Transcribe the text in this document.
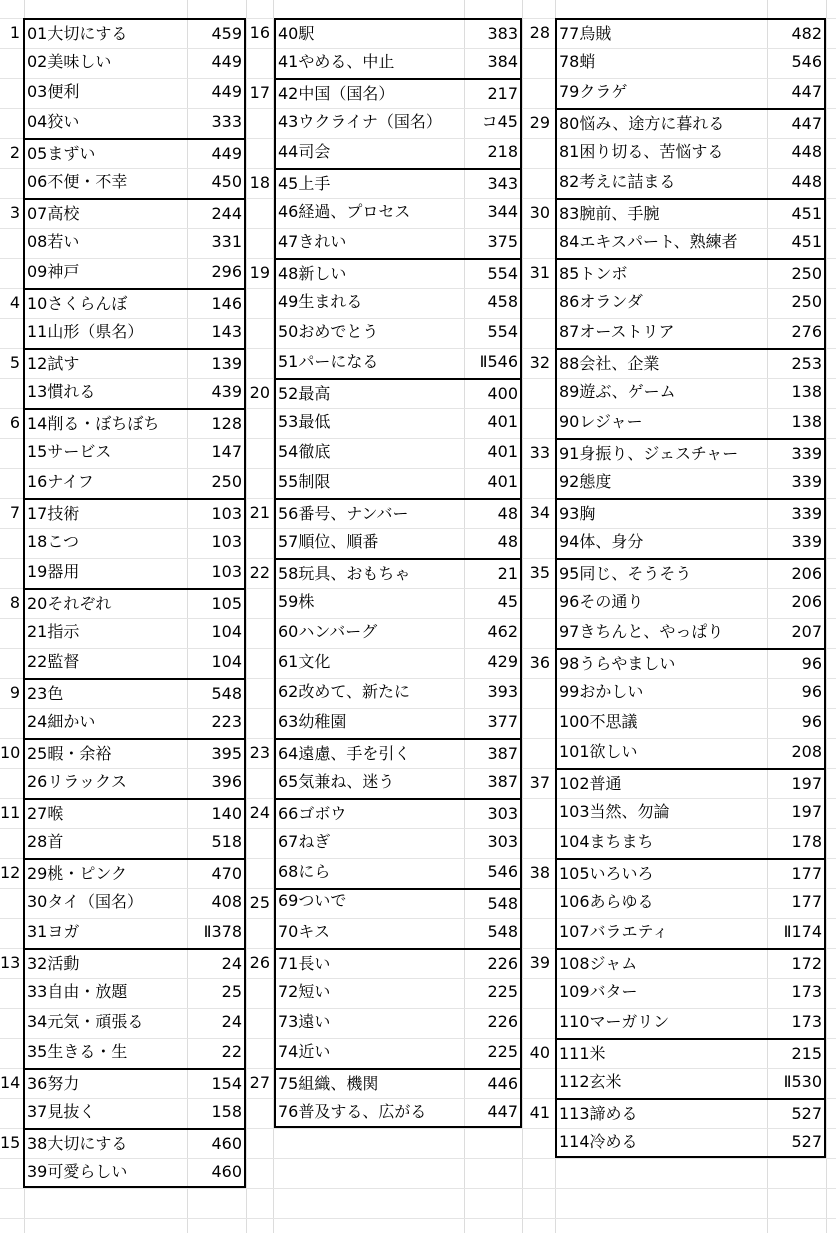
1 01大切にする	459
02美味しい	449
03便利	449
04狡い	333
2 05まずい	449
06不便・不幸	450
3 07高校	244
08若い	331
09神戸	296
4 10さくらんぼ	146
11山形（県名）	143
5 12試す	139
13慣れる	439
6 14削る・ぼちぼち	128
15サービス	147
16ナイフ	250
7 17技術	103
18こつ	103
19器用	103
8 20それぞれ	105
21指示	104
22監督	104
9 23色	548
24細かい	223
10 25暇・余裕	395
26リラックス	396
11 27喉	140
28首	518
12 29桃・ピンク	470
30タイ（国名）	408
31ヨガ	Ⅱ378
13 32活動	24
33自由・放題	25
34元気・頑張る	24
35生きる・生	22
14 36努力	154
37見抜く	158
15 38大切にする	460
39可愛らしい	460
16 40駅	383
41やめる、中止	384
17 42中国（国名）	217
43ウクライナ（国名） コ45
44司会	218
18 45上手	343
46経過、プロセス	344
47きれい	375
19 48新しい	554
49生まれる	458
50おめでとう	554
51パーになる	Ⅱ546
20 52最高	400
53最低	401
54徹底	401
55制限	401
21 56番号、ナンバー	48
57順位、順番	48
22 58玩具、おもちゃ	21
59株	45
60ハンバーグ	462
61文化	429
62改めて、新たに	393
63幼稚園	377
23 64遠慮、手を引く	387
65気兼ね、迷う	387
24 66ゴボウ	303
67ねぎ	303
68にら	546
25 69ついで	548
70キス	548
26 71長い	226
72短い	225
73遠い	226
74近い	225
27 75組織、機関	446
76普及する、広がる	447
28 77烏賊	482
78蛸	546
79クラゲ	447
29 80悩み、途方に暮れる	447
81困り切る、苦悩する	448
82考えに詰まる	448
30 83腕前、手腕	451
84エキスパート、熟練者	451
31 85トンボ	250
86オランダ	250
87オーストリア	276
32 88会社、企業	253
89遊ぶ、ゲーム	138
90レジャー	138
33 91身振り、ジェスチャー	339
92態度	339
34 93胸	339
94体、身分	339
35 95同じ、そうそう	206
96その通り	206
97きちんと、やっぱり	207
36 98うらやましい	96
99おかしい	96
100不思議	96
101欲しい	208
37 102普通	197
103当然、勿論	197
104まちまち	178
38 105いろいろ	177
106あらゆる	177
107バラエティ	Ⅱ174
39 108ジャム	172
109バター	173
110マーガリン	173
40 111米	215
112玄米	Ⅱ530
41 113諦める	527
114冷める	527
